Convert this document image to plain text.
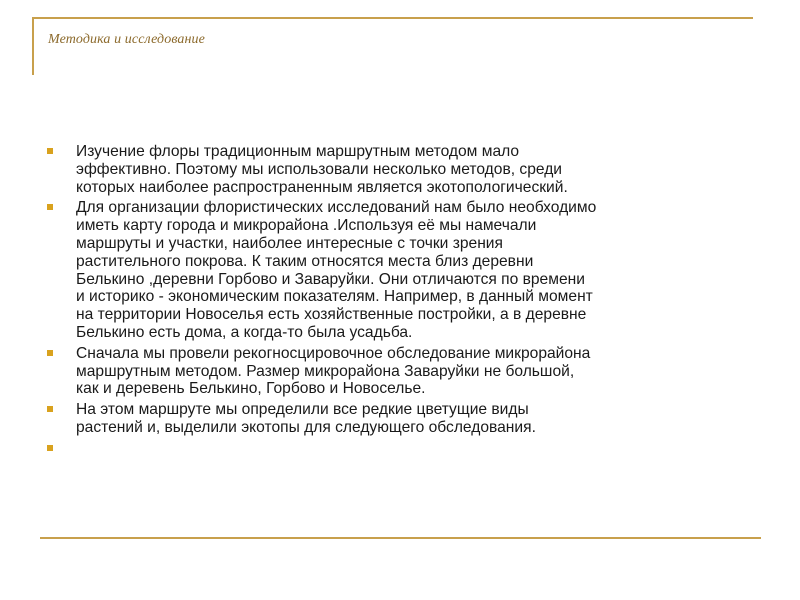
Методика и исследование
Изучение флоры традиционным маршрутным методом мало
эффективно. Поэтому мы использовали несколько методов, среди
которых наиболее распространенным является экотопологический.
Для организации флористических исследований нам было необходимо
иметь карту города и микрорайона .Используя её мы намечали
маршруты и участки, наиболее интересные с точки зрения
растительного покрова. К таким относятся места близ деревни
Белькино ,деревни Горбово и Заваруйки. Они отличаются по времени
и историко - экономическим показателям. Например, в данный момент
на территории Новоселья есть хозяйственные постройки, а в деревне
Белькино есть дома, а когда-то была усадьба.
Сначала мы провели рекогносцировочное обследование микрорайона
маршрутным методом. Размер микрорайона Заваруйки не большой,
как и деревень Белькино, Горбово и Новоселье.
На этом маршруте мы определили все редкие цветущие виды
растений и, выделили экотопы для следующего обследования.
